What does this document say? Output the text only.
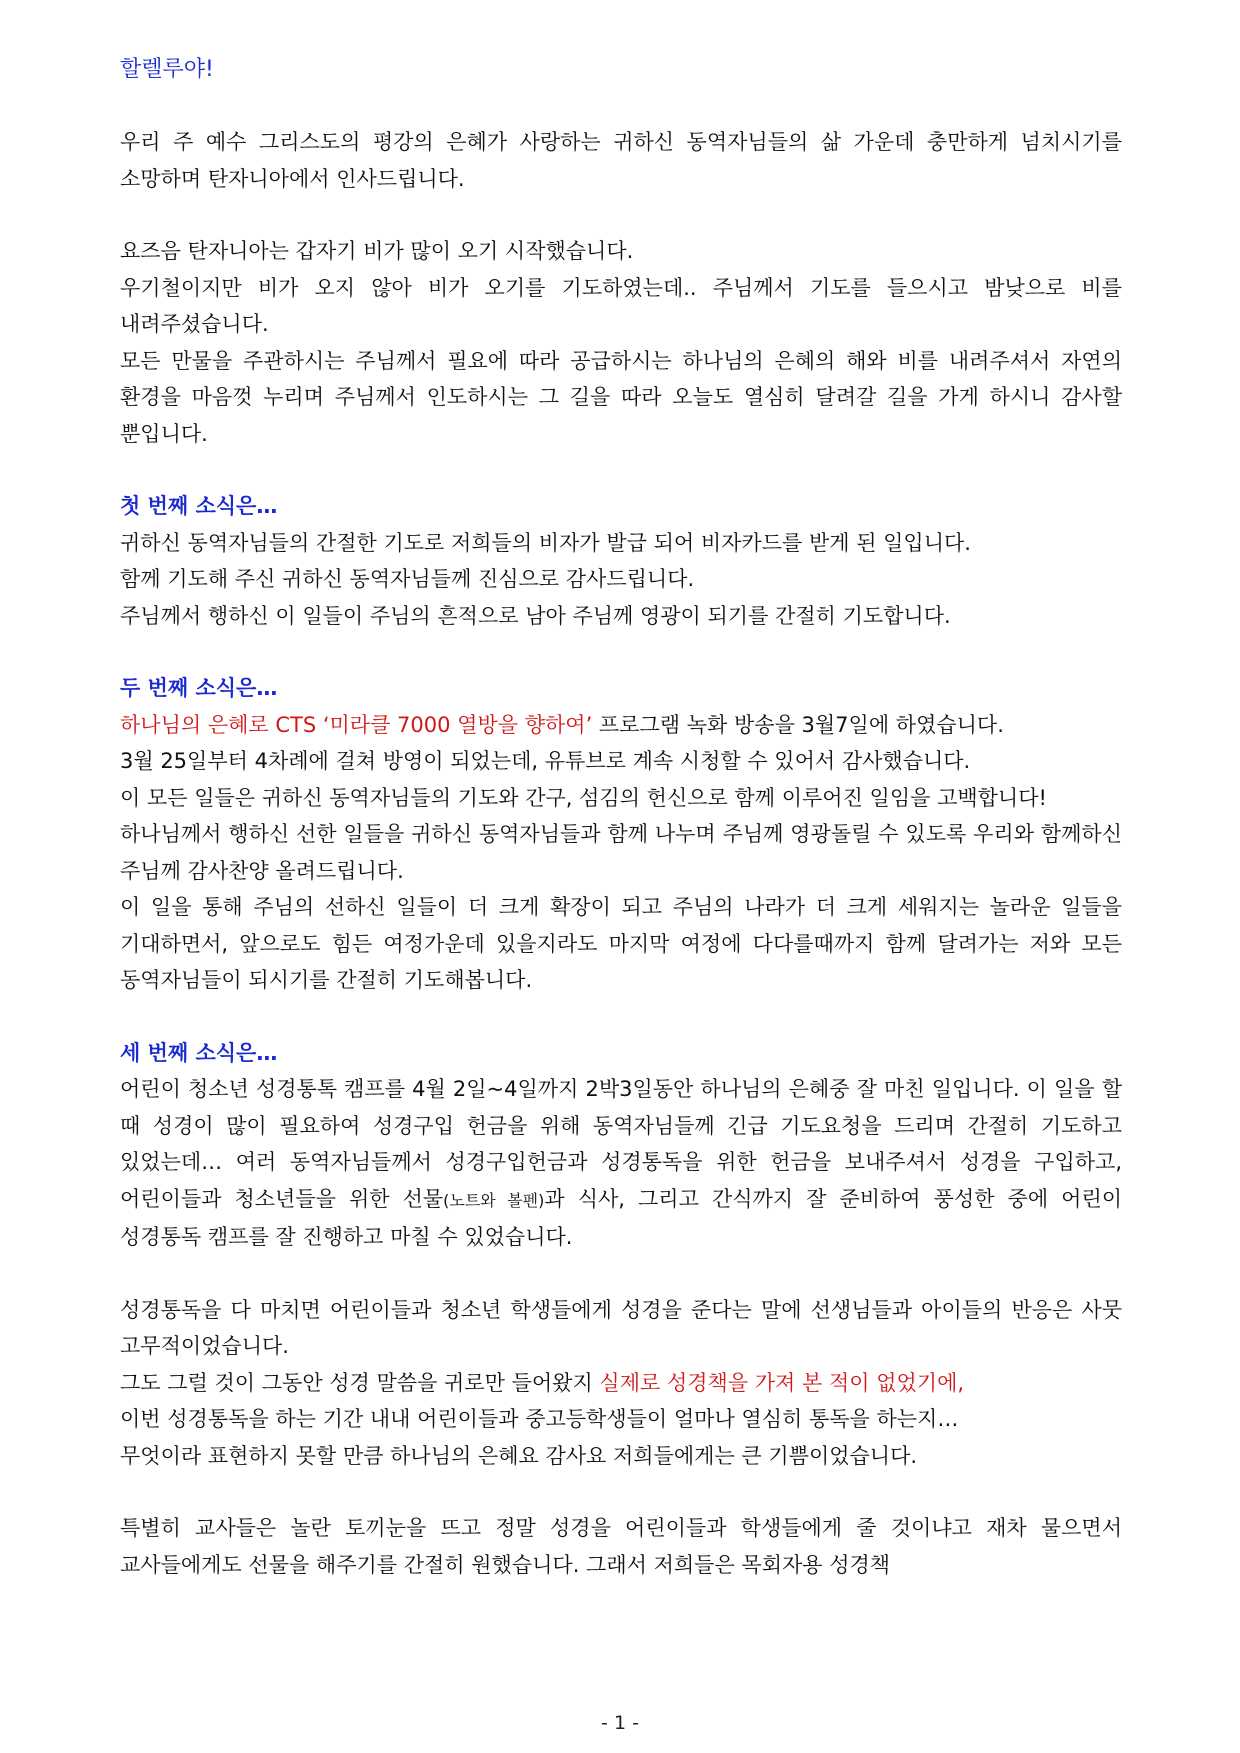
할렐루야!

우리 주 예수 그리스도의 평강의 은혜가 사랑하는 귀하신 동역자님들의 삶 가운데 충만하게 넘치시기를 소망하며 탄자니아에서 인사드립니다.

요즈음 탄자니아는 갑자기 비가 많이 오기 시작했습니다.

우기철이지만 비가 오지 않아 비가 오기를 기도하였는데.. 주님께서 기도를 들으시고 밤낮으로 비를 내려주셨습니다.

모든 만물을 주관하시는 주님께서 필요에 따라 공급하시는 하나님의 은혜의 해와 비를 내려주셔서 자연의 환경을 마음껏 누리며 주님께서 인도하시는 그 길을 따라 오늘도 열심히 달려갈 길을 가게 하시니 감사할 뿐입니다.

첫 번째 소식은…

귀하신 동역자님들의 간절한 기도로 저희들의 비자가 발급 되어 비자카드를 받게 된 일입니다.

함께 기도해 주신 귀하신 동역자님들께 진심으로 감사드립니다.

주님께서 행하신 이 일들이 주님의 흔적으로 남아 주님께 영광이 되기를 간절히 기도합니다.

두 번째 소식은…

하나님의 은혜로 CTS ‘미라클 7000 열방을 향하여’ 프로그램 녹화 방송을 3월7일에 하였습니다.

3월 25일부터 4차례에 걸쳐 방영이 되었는데, 유튜브로 계속 시청할 수 있어서 감사했습니다.

이 모든 일들은 귀하신 동역자님들의 기도와 간구, 섬김의 헌신으로 함께 이루어진 일임을 고백합니다!

하나님께서 행하신 선한 일들을 귀하신 동역자님들과 함께 나누며 주님께 영광돌릴 수 있도록 우리와 함께하신 주님께 감사찬양 올려드립니다.

이 일을 통해 주님의 선하신 일들이 더 크게 확장이 되고 주님의 나라가 더 크게 세워지는 놀라운 일들을 기대하면서, 앞으로도 힘든 여정가운데 있을지라도 마지막 여정에 다다를때까지 함께 달려가는 저와 모든 동역자님들이 되시기를 간절히 기도해봅니다.

세 번째 소식은…

어린이 청소년 성경통톡 캠프를 4월 2일~4일까지 2박3일동안 하나님의 은혜중 잘 마친 일입니다. 이 일을 할 때 성경이 많이 필요하여 성경구입 헌금을 위해 동역자님들께 긴급 기도요청을 드리며 간절히 기도하고 있었는데… 여러 동역자님들께서 성경구입헌금과 성경통독을 위한 헌금을 보내주셔서 성경을 구입하고, 어린이들과 청소년들을 위한 선물(노트와 볼펜)과 식사, 그리고 간식까지 잘 준비하여 풍성한 중에 어린이 성경통독 캠프를 잘 진행하고 마칠 수 있었습니다.

성경통독을 다 마치면 어린이들과 청소년 학생들에게 성경을 준다는 말에 선생님들과 아이들의 반응은 사뭇 고무적이었습니다.

그도 그럴 것이 그동안 성경 말씀을 귀로만 들어왔지 실제로 성경책을 가져 본 적이 없었기에,

이번 성경통독을 하는 기간 내내 어린이들과 중고등학생들이 얼마나 열심히 통독을 하는지…

무엇이라 표현하지 못할 만큼 하나님의 은혜요 감사요 저희들에게는 큰 기쁨이었습니다.

특별히 교사들은 놀란 토끼눈을 뜨고 정말 성경을 어린이들과 학생들에게 줄 것이냐고 재차 물으면서 교사들에게도 선물을 해주기를 간절히 원했습니다. 그래서 저희들은 목회자용 성경책

- 1 -
